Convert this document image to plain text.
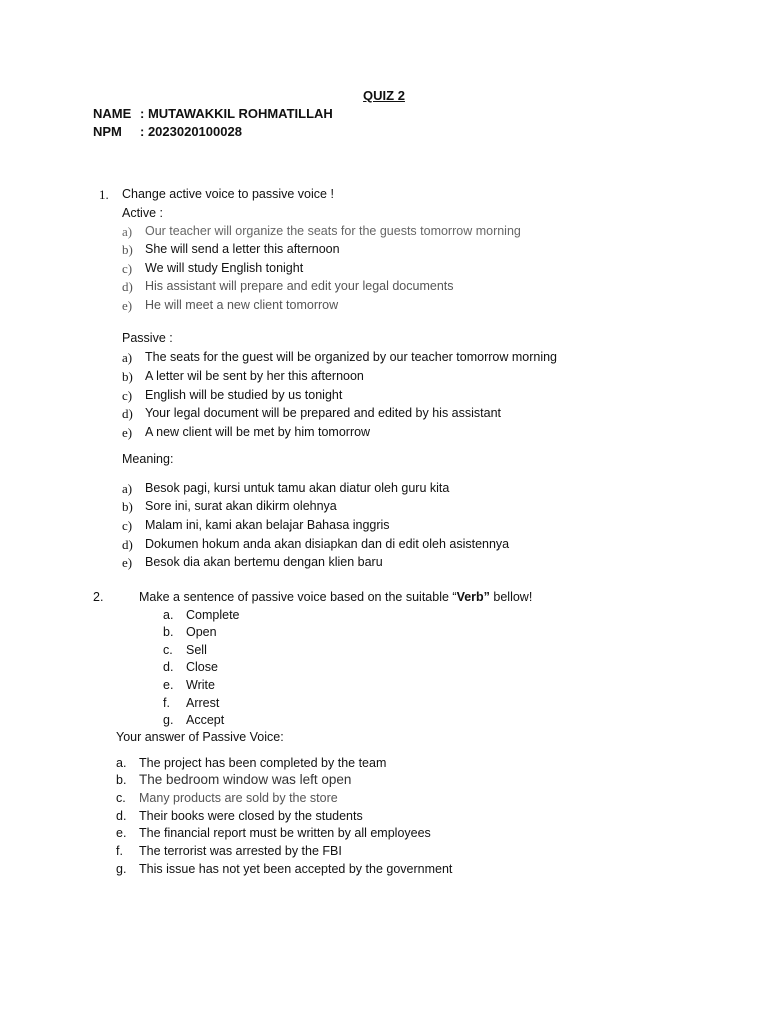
QUIZ 2
NAME : MUTAWAKKIL ROHMATILLAH
NPM : 2023020100028
1. Change active voice to passive voice !
Active :
a) Our teacher will organize the seats for the guests tomorrow morning
b) She will send a letter this afternoon
c) We will study English tonight
d) His assistant will prepare and edit your legal documents
e) He will meet a new client tomorrow
Passive :
a) The seats for the guest will be organized by our teacher tomorrow morning
b) A letter wil be sent by her this afternoon
c) English will be studied by us tonight
d) Your legal document will be prepared and edited by his assistant
e) A new client will be met by him tomorrow
Meaning:
a) Besok pagi, kursi untuk tamu akan diatur oleh guru kita
b) Sore ini, surat akan dikirm olehnya
c) Malam ini, kami akan belajar Bahasa inggris
d) Dokumen hokum anda akan disiapkan dan di edit oleh asistennya
e) Besok dia akan bertemu dengan klien baru
2.	Make a sentence of passive voice based on the suitable “Verb” bellow!
a. Complete
b. Open
c. Sell
d. Close
e. Write
f. Arrest
g. Accept
Your answer of Passive Voice:
a. The project has been completed by the team
b. The bedroom window was left open
c. Many products are sold by the store
d. Their books were closed by the students
e. The financial report must be written by all employees
f. The terrorist was arrested by the FBI
g. This issue has not yet been accepted by the government
